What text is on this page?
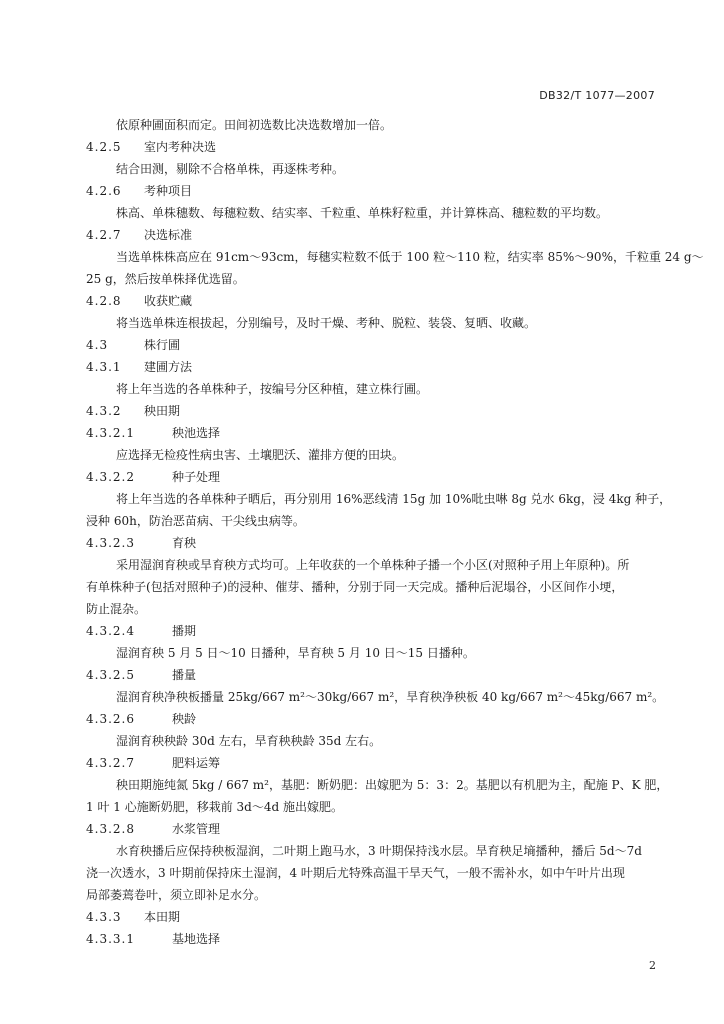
DB32/T 1077—2007
依原种圃面积而定。田间初选数比决选数增加一倍。
4.2.5 室内考种决选
结合田测，剔除不合格单株，再逐株考种。
4.2.6 考种项目
株高、单株穗数、每穗粒数、结实率、千粒重、单株籽粒重，并计算株高、穗粒数的平均数。
4.2.7 决选标准
当选单株株高应在 91cm～93cm，每穗实粒数不低于 100 粒～110 粒，结实率 85%～90%，千粒重 24 g～
25 g，然后按单株择优选留。
4.2.8 收获贮藏
将当选单株连根拔起，分别编号，及时干燥、考种、脱粒、装袋、复晒、收藏。
4.3	株行圃
4.3.1 建圃方法
将上年当选的各单株种子，按编号分区种植，建立株行圃。
4.3.2 秧田期
4.3.2.1	秧池选择
应选择无检疫性病虫害、土壤肥沃、灌排方便的田块。
4.3.2.2	种子处理
将上年当选的各单株种子晒后，再分别用 16%恶线清 15g 加 10%吡虫啉 8g 兑水 6kg，浸 4kg 种子，
浸种 60h，防治恶苗病、干尖线虫病等。
4.3.2.3	育秧
采用湿润育秧或旱育秧方式均可。上年收获的一个单株种子播一个小区(对照种子用上年原种)。所
有单株种子(包括对照种子)的浸种、催芽、播种，分别于同一天完成。播种后泥塌谷，小区间作小埂，
防止混杂。
4.3.2.4	播期
湿润育秧 5 月 5 日～10 日播种，旱育秧 5 月 10 日～15 日播种。
4.3.2.5	播量
湿润育秧净秧板播量 25kg/667 m²～30kg/667 m²，旱育秧净秧板 40 kg/667 m²～45kg/667 m²。
4.3.2.6	秧龄
湿润育秧秧龄 30d 左右，旱育秧秧龄 35d 左右。
4.3.2.7	肥料运筹
秧田期施纯氮 5kg / 667 m²，基肥：断奶肥：出嫁肥为 5：3：2。基肥以有机肥为主，配施 P、K 肥，
1 叶 1 心施断奶肥，移栽前 3d～4d 施出嫁肥。
4.3.2.8	水浆管理
水育秧播后应保持秧板湿润，二叶期上跑马水，3 叶期保持浅水层。旱育秧足墒播种，播后 5d～7d
浇一次透水，3 叶期前保持床土湿润，4 叶期后尤特殊高温干旱天气，一般不需补水，如中午叶片出现
局部萎蔫卷叶，须立即补足水分。
4.3.3 本田期
4.3.3.1	基地选择
2
